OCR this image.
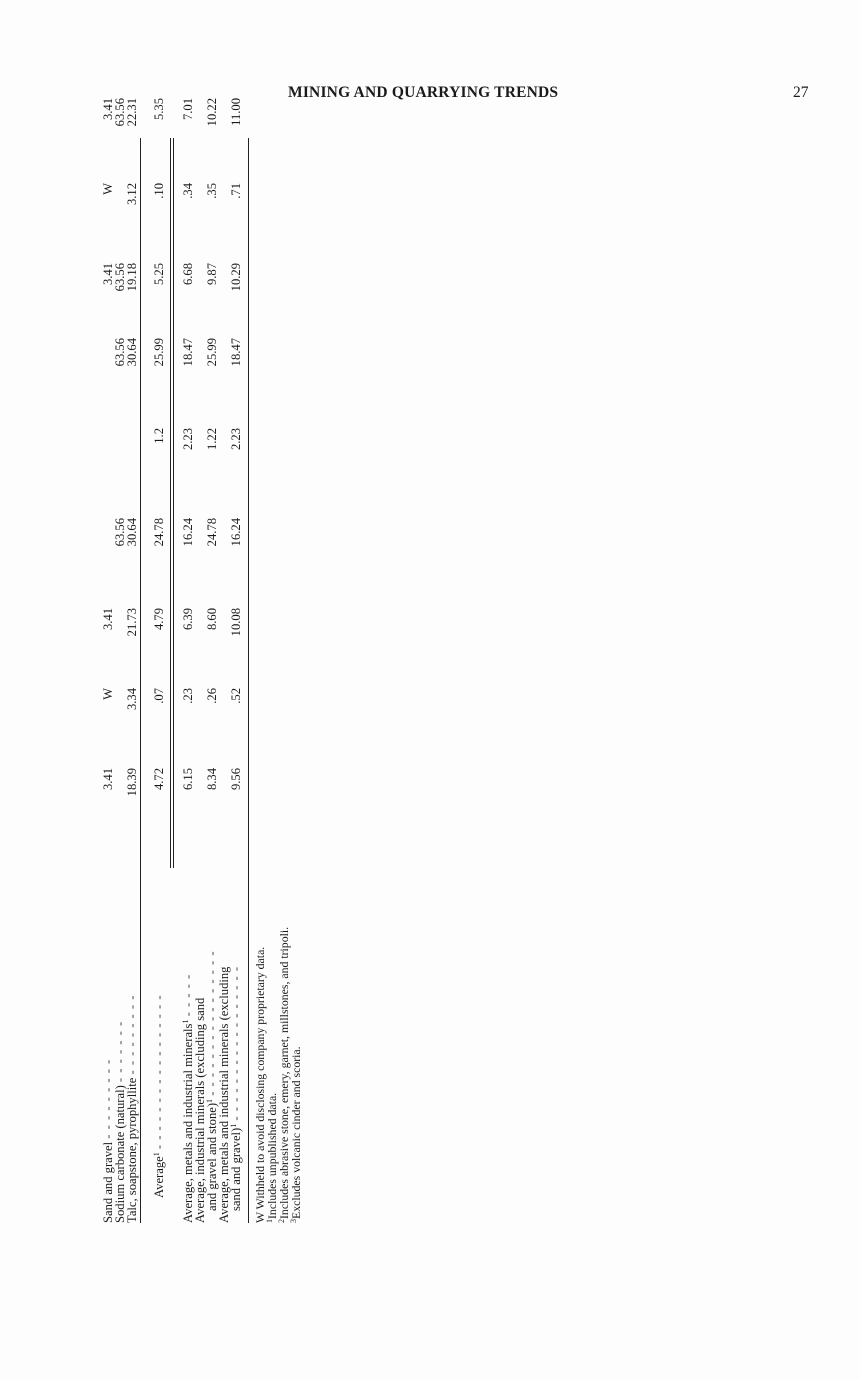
MINING AND QUARRYING TRENDS	27
Sand and gravel - - - - - - - - -
Sodium carbonate (natural) - - - - - - -
Talc, soapstone, pyrophyllite - - - - - - - - -
Average$^1$ - - - - - - - - - - - - - - - - - Average, metals and industrial minerals$^1$ - - - - -
Average, industrial minerals (excluding sand
and gravel and stone)$^1$ - - - - - - - - - - - - - - - -
Average, metals and industrial minerals (excluding
sand and gravel)$^1$ - - - - - - - - - - - - - - - - -
3.41
W
3.41
3.41
W
3.41
63.56
63.56
63.56
63.56
18.39
3.34
21.73
30.64
30.64
19.18
3.12
22.31
4.72
.07
4.79
24.78
1.2
25.99
5.25
.10
5.35
6.15
.23
6.39
16.24
2.23
18.47
6.68
.34
7.01
8.34
.26
8.60
24.78
1.22
25.99
9.87
.35
10.22
9.56
.52
10.08
16.24
2.23
18.47
10.29
.71
11.00
W Withheld to avoid disclosing company proprietary data.
$^1$Includes unpublished data.
$^2$Includes abrasive stone, emery, garnet, millstones, and tripoli.
$^3$Excludes volcanic cinder and scoria.
